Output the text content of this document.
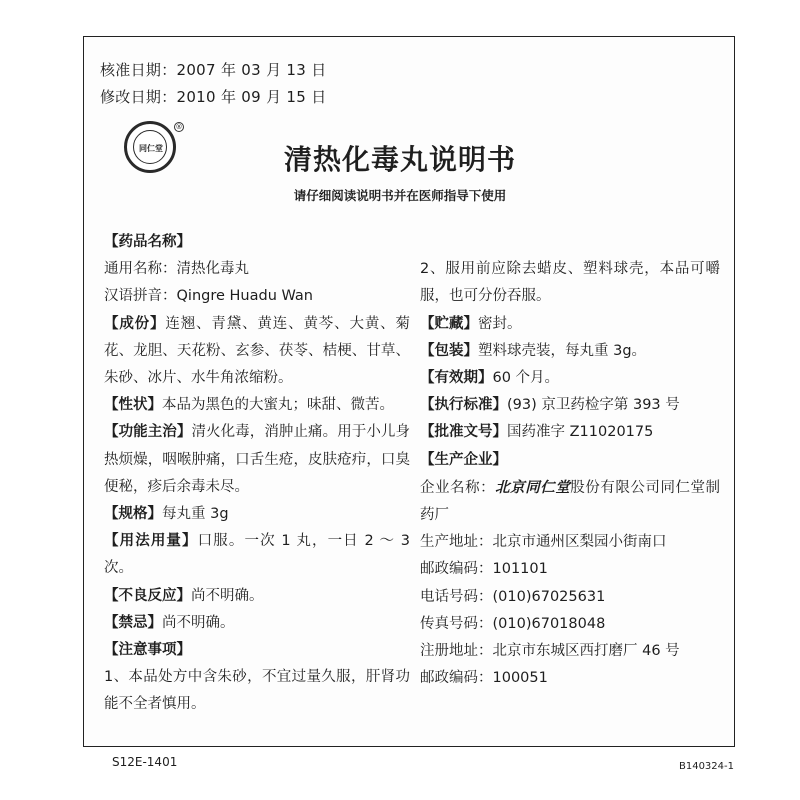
核准日期：2007 年 03 月 13 日
修改日期：2010 年 09 月 15 日
同仁堂
®
清热化毒丸说明书
请仔细阅读说明书并在医师指导下使用

【药品名称】

通用名称：清热化毒丸

汉语拼音：Qingre Huadu Wan

【成份】连翘、青黛、黄连、黄芩、大黄、菊花、龙胆、天花粉、玄参、茯苓、桔梗、甘草、朱砂、冰片、水牛角浓缩粉。

【性状】本品为黑色的大蜜丸；味甜、微苦。

【功能主治】清火化毒，消肿止痛。用于小儿身热烦燥，咽喉肿痛，口舌生疮，皮肤疮疖，口臭便秘，疹后余毒未尽。

【规格】每丸重 3g

【用法用量】口服。一次 1 丸，一日 2 ～ 3 次。

【不良反应】尚不明确。

【禁忌】尚不明确。

【注意事项】

1、本品处方中含朱砂，不宜过量久服，肝肾功能不全者慎用。

2、服用前应除去蜡皮、塑料球壳，本品可嚼服，也可分份吞服。

【贮藏】密封。

【包装】塑料球壳装，每丸重 3g。

【有效期】60 个月。

【执行标准】(93) 京卫药检字第 393 号

【批准文号】国药准字 Z11020175

【生产企业】

企业名称：北京同仁堂股份有限公司同仁堂制药厂

生产地址：北京市通州区梨园小街南口

邮政编码：101101

电话号码：(010)67025631

传真号码：(010)67018048

注册地址：北京市东城区西打磨厂 46 号

邮政编码：100051

S12E-1401	B140324-1
